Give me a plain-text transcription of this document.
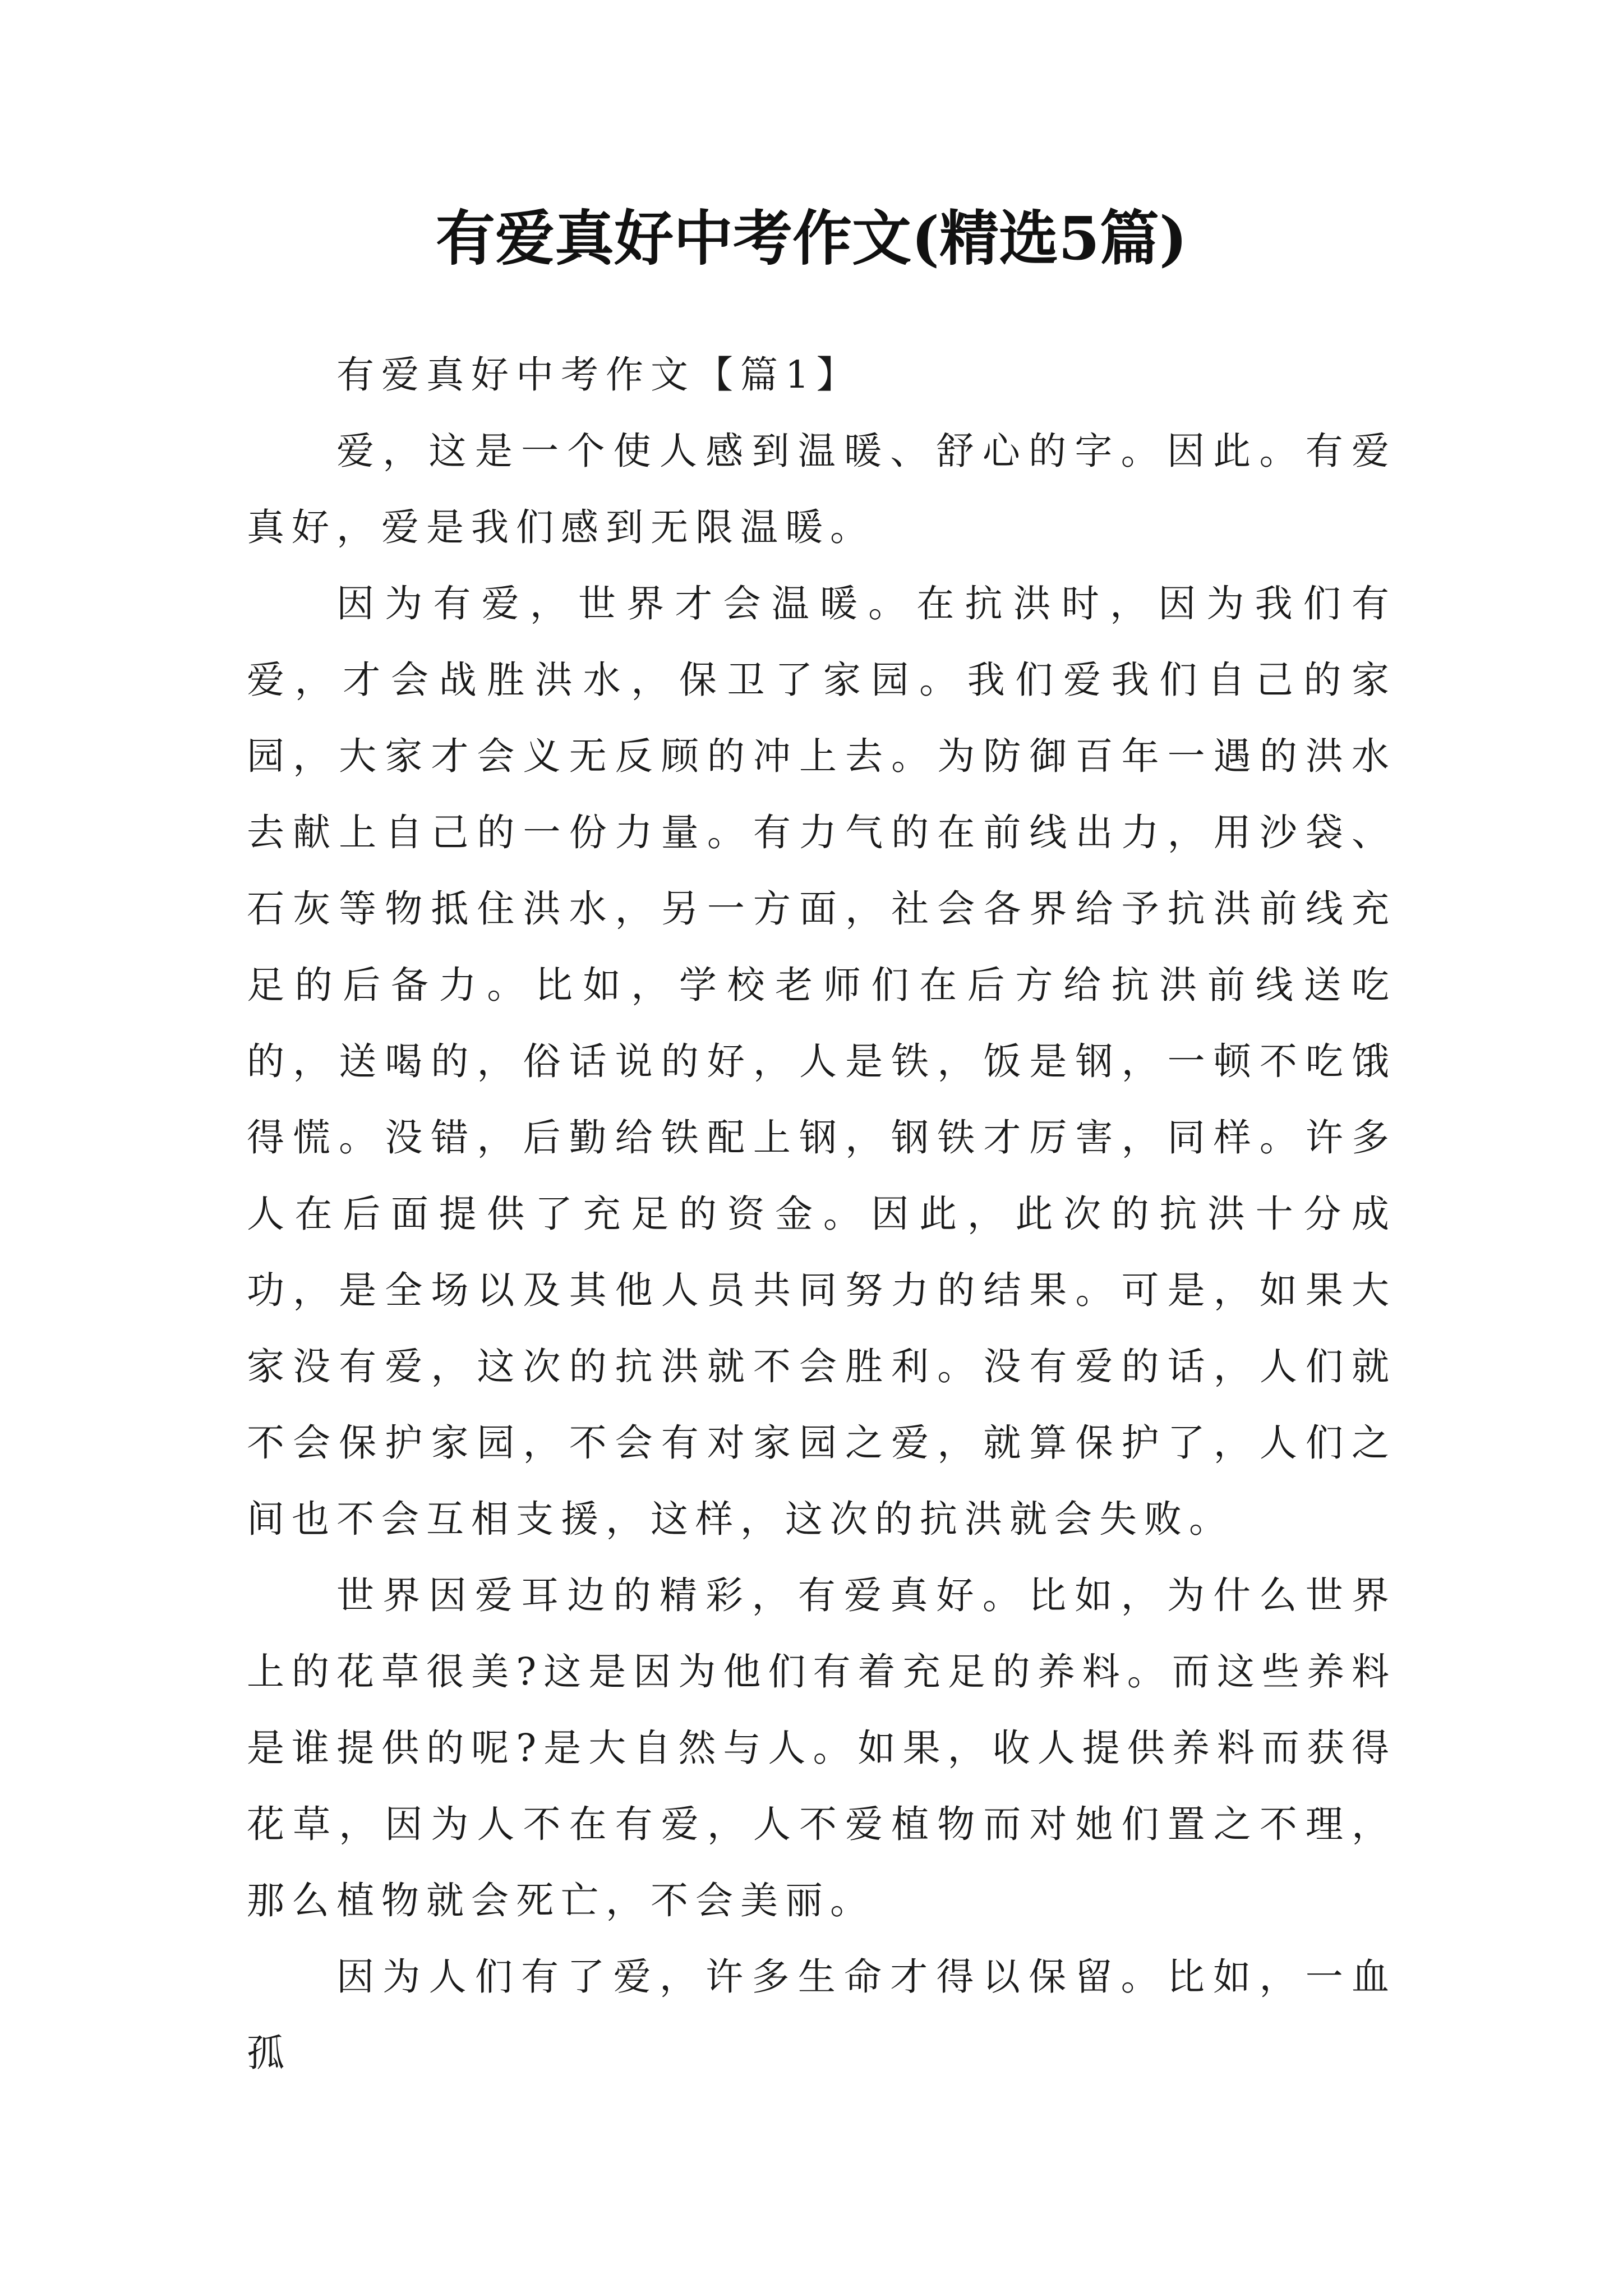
有爱真好中考作文(精选5篇)

有爱真好中考作文【篇1】

爱，这是一个使人感到温暖、舒心的字。因此。有爱真好，爱是我们感到无限温暖。

因为有爱，世界才会温暖。在抗洪时，因为我们有爱，才会战胜洪水，保卫了家园。我们爱我们自己的家园，大家才会义无反顾的冲上去。为防御百年一遇的洪水去献上自己的一份力量。有力气的在前线出力，用沙袋、石灰等物抵住洪水，另一方面，社会各界给予抗洪前线充足的后备力。比如，学校老师们在后方给抗洪前线送吃的，送喝的，俗话说的好，人是铁，饭是钢，一顿不吃饿得慌。没错，后勤给铁配上钢，钢铁才厉害，同样。许多人在后面提供了充足的资金。因此，此次的抗洪十分成功，是全场以及其他人员共同努力的结果。可是，如果大家没有爱，这次的抗洪就不会胜利。没有爱的话，人们就不会保护家园，不会有对家园之爱，就算保护了，人们之间也不会互相支援，这样，这次的抗洪就会失败。

世界因爱耳边的精彩，有爱真好。比如，为什么世界上的花草很美?这是因为他们有着充足的养料。而这些养料是谁提供的呢?是大自然与人。如果，收人提供养料而获得花草，因为人不在有爱，人不爱植物而对她们置之不理，那么植物就会死亡，不会美丽。

因为人们有了爱，许多生命才得以保留。比如，一血孤
